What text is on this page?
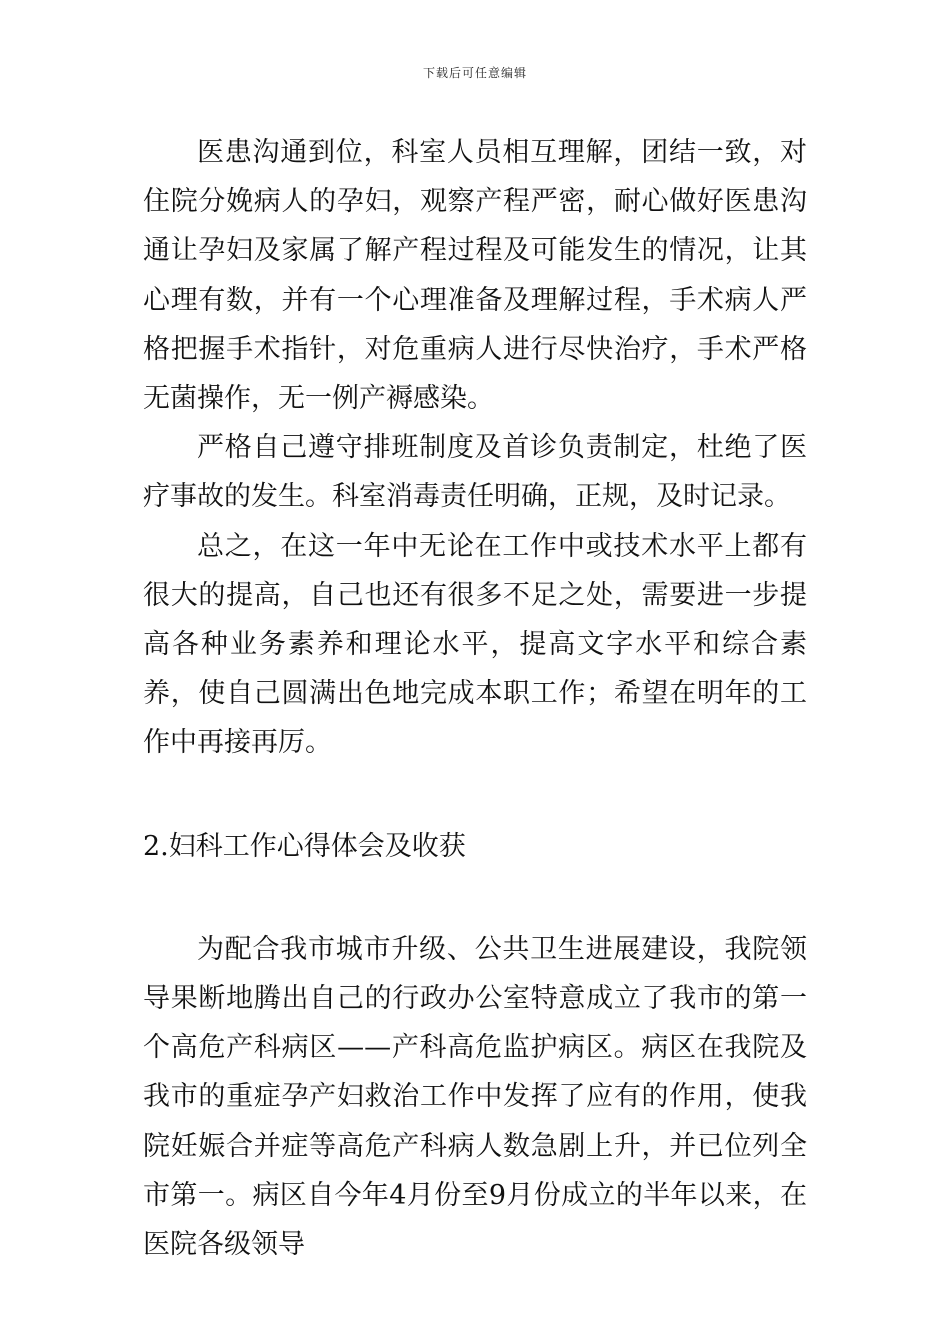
下载后可任意编辑

医患沟通到位，科室人员相互理解，团结一致，对住院分娩病人的孕妇，观察产程严密，耐心做好医患沟通让孕妇及家属了解产程过程及可能发生的情况，让其心理有数，并有一个心理准备及理解过程，手术病人严格把握手术指针，对危重病人进行尽快治疗，手术严格无菌操作，无一例产褥感染。

严格自己遵守排班制度及首诊负责制定，杜绝了医疗事故的发生。科室消毒责任明确，正规，及时记录。

总之，在这一年中无论在工作中或技术水平上都有很大的提高，自己也还有很多不足之处，需要进一步提高各种业务素养和理论水平，提高文字水平和综合素养，使自己圆满出色地完成本职工作；希望在明年的工作中再接再厉。

2.妇科工作心得体会及收获

为配合我市城市升级、公共卫生进展建设，我院领导果断地腾出自己的行政办公室特意成立了我市的第一个高危产科病区——产科高危监护病区。病区在我院及我市的重症孕产妇救治工作中发挥了应有的作用，使我院妊娠合并症等高危产科病人数急剧上升，并已位列全市第一。病区自今年4月份至9月份成立的半年以来，在医院各级领导
